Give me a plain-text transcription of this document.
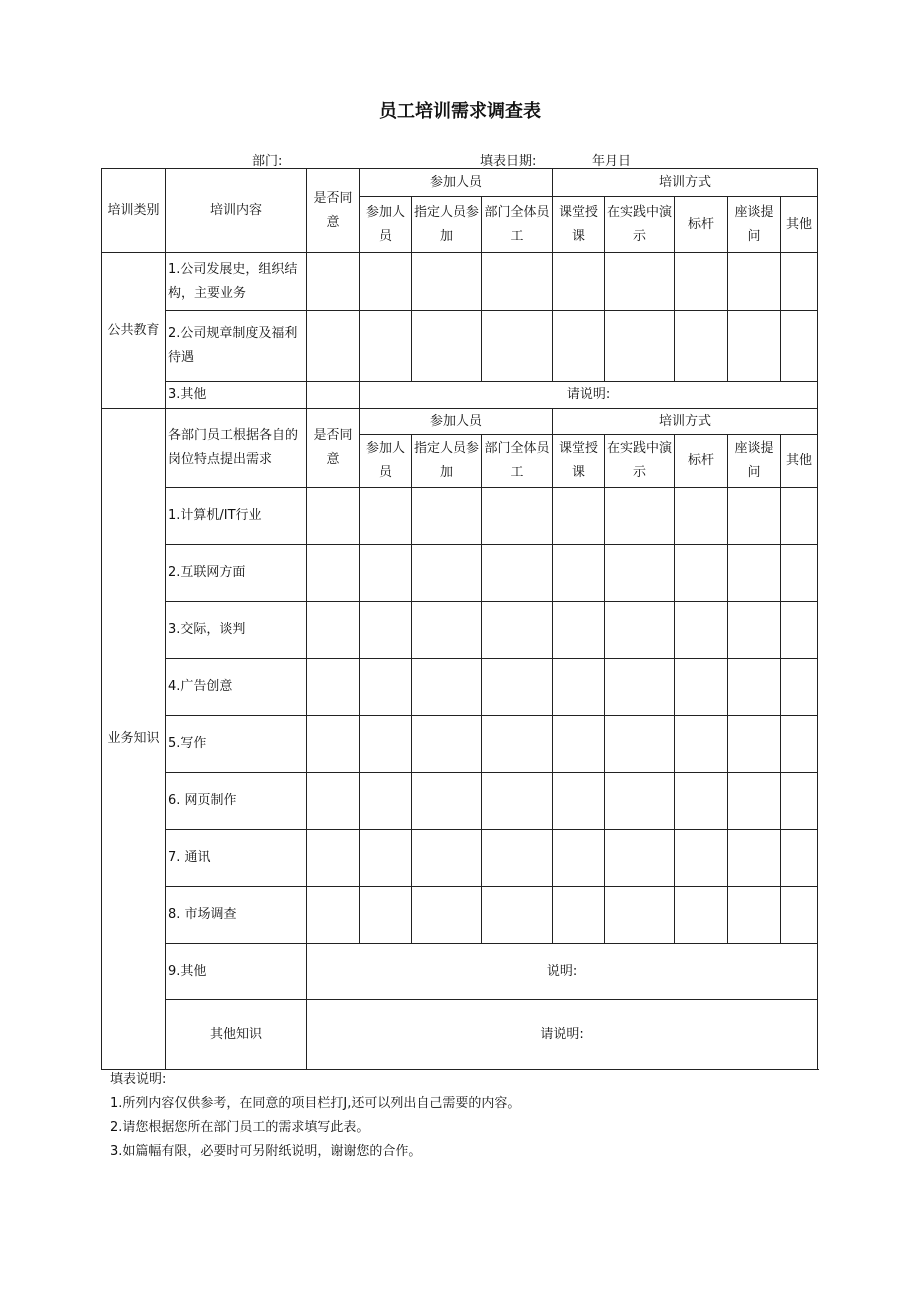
员工培训需求调查表
部门:	填表日期:	年月日
培训类别	培训内容	是否同意	参加人员			培训方式				
			参加人员	指定人员参加	部门全体员工	课堂授课	在实践中演示	标杆	座谈提问	其他
公共教育	1.公司发展史，组织结构，主要业务									
	2.公司规章制度及福利待遇									
	3.其他		请说明:							
业务知识	各部门员工根据各自的岗位特点提出需求	是否同意	参加人员			培训方式				
			参加人员	指定人员参加	部门全体员工	课堂授课	在实践中演示	标杆	座谈提问	其他
	1.计算机/IT行业									
	2.互联网方面									
	3.交际，谈判									
	4.广告创意									
	5.写作									
	6. 网页制作									
	7. 通讯									
	8. 市场调查									
	9.其他	说明:								
	其他知识	请说明:								
填表说明:
1.所列内容仅供参考，在同意的项目栏打J,还可以列出自己需要的内容。
2.请您根据您所在部门员工的需求填写此表。
3.如篇幅有限，必要时可另附纸说明，谢谢您的合作。
